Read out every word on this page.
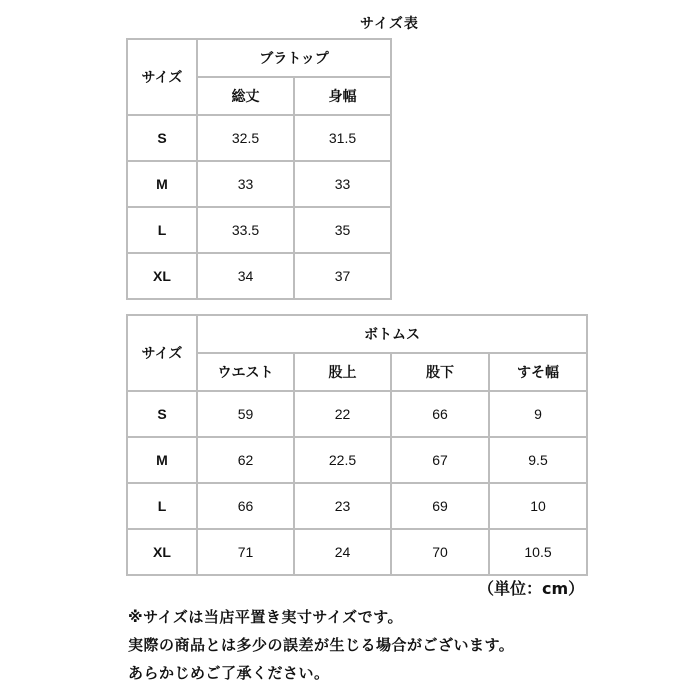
サイズ表
サイズ	ブラトップ	
	総丈	身幅
S	32.5	31.5
M	33	33
L	33.5	35
XL	34	37
サイズ	ボトムス			
	ウエスト	股上	股下	すそ幅
S	59	22	66	9
M	62	22.5	67	9.5
L	66	23	69	10
XL	71	24	70	10.5
（単位：cm）
※サイズは当店平置き実寸サイズです。
実際の商品とは多少の誤差が生じる場合がございます。
あらかじめご了承ください。
